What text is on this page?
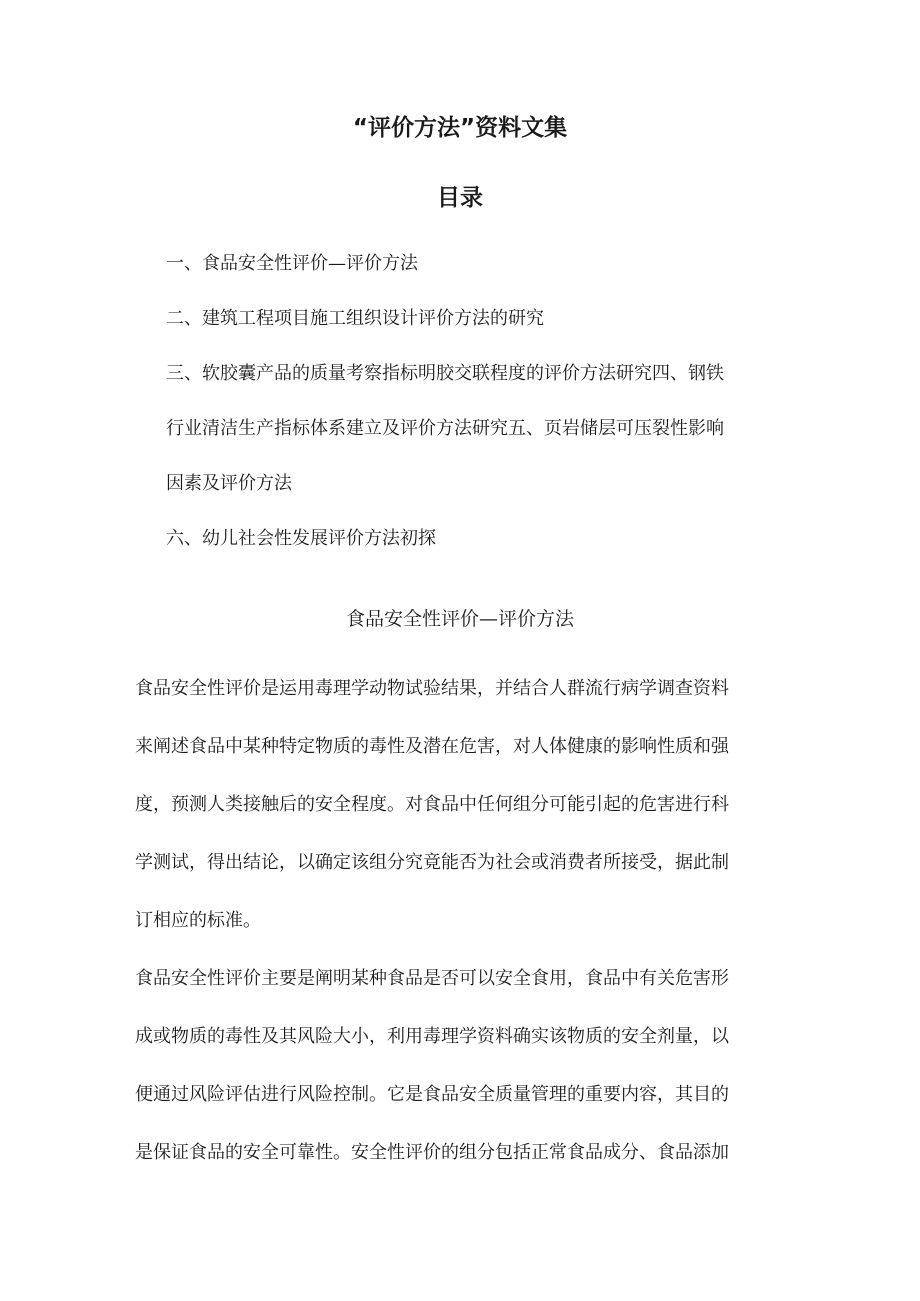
“评价方法”资料文集
目录
一、食品安全性评价—评价方法
二、建筑工程项目施工组织设计评价方法的研究
三、软胶囊产品的质量考察指标明胶交联程度的评价方法研究四、钢铁
行业清洁生产指标体系建立及评价方法研究五、页岩储层可压裂性影响
因素及评价方法
六、幼儿社会性发展评价方法初探
食品安全性评价—评价方法

食品安全性评价是运用毒理学动物试验结果，并结合人群流行病学调查资料

来阐述食品中某种特定物质的毒性及潜在危害，对人体健康的影响性质和强

度，预测人类接触后的安全程度。对食品中任何组分可能引起的危害进行科

学测试，得出结论，以确定该组分究竟能否为社会或消费者所接受，据此制

订相应的标准。

食品安全性评价主要是阐明某种食品是否可以安全食用，食品中有关危害形

成或物质的毒性及其风险大小，利用毒理学资料确实该物质的安全剂量，以

便通过风险评估进行风险控制。它是食品安全质量管理的重要内容，其目的

是保证食品的安全可靠性。安全性评价的组分包括正常食品成分、食品添加
